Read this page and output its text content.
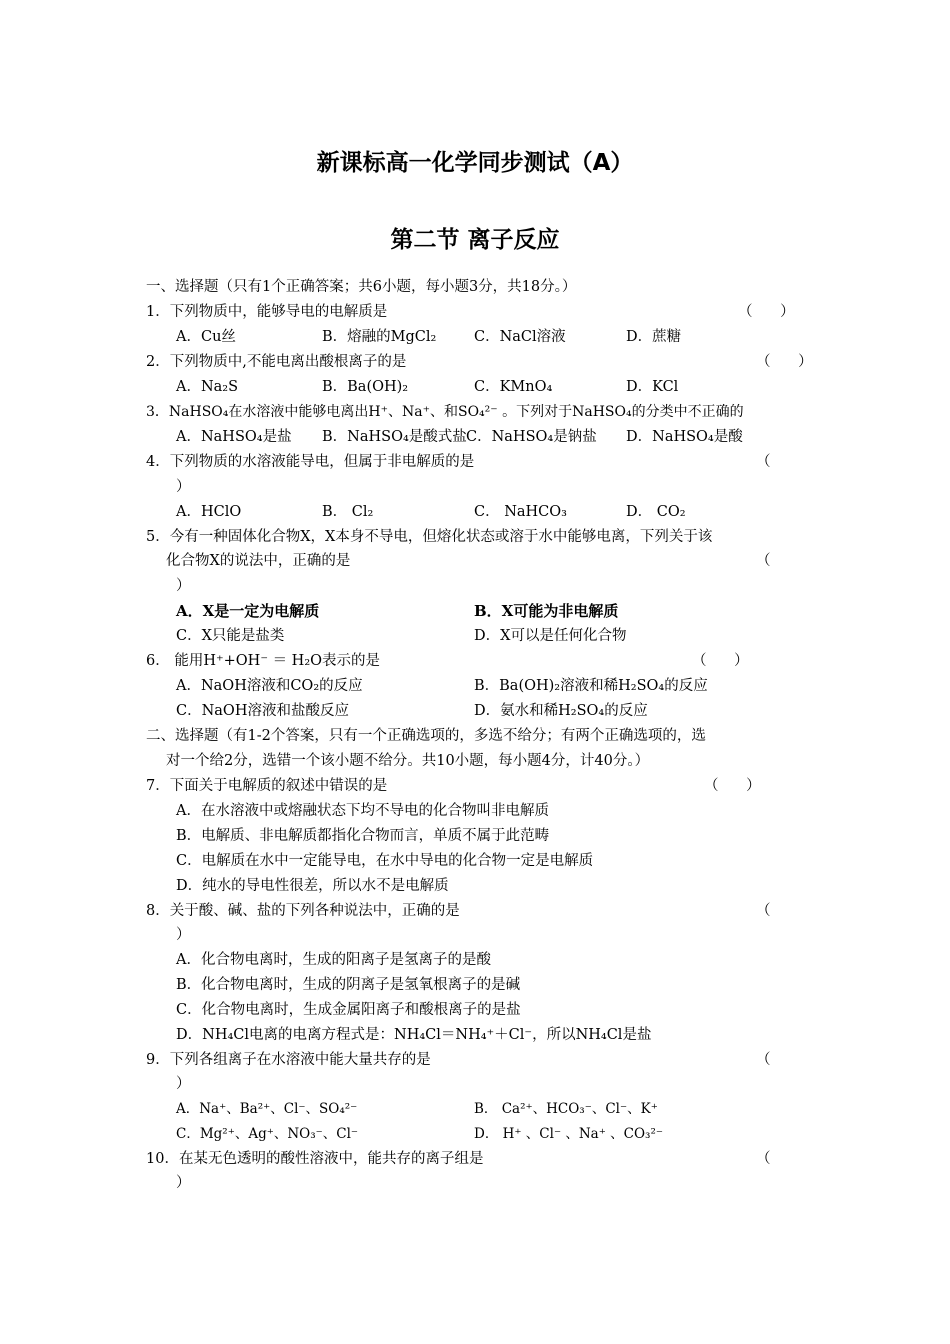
新课标高一化学同步测试（A）
第二节 离子反应
一、选择题（只有1个正确答案；共6小题，每小题3分，共18分。）
1．下列物质中，能够导电的电解质是	（      ）
A．Cu丝	B．熔融的MgCl₂	C．NaCl溶液	D．蔗糖
2．下列物质中,不能电离出酸根离子的是	（      ）
A．Na₂S	B．Ba(OH)₂	C．KMnO₄	D．KCl
3．NaHSO₄在水溶液中能够电离出H⁺、Na⁺、和SO₄²⁻ 。下列对于NaHSO₄的分类中不正确的
A．NaHSO₄是盐 B．NaHSO₄是酸式盐 C．NaHSO₄是钠盐 D．NaHSO₄是酸
4．下列物质的水溶液能导电，但属于非电解质的是	（
）
A．HClO	B． Cl₂	C． NaHCO₃	D． CO₂
5．今有一种固体化合物X，X本身不导电，但熔化状态或溶于水中能够电离，下列关于该
化合物X的说法中，正确的是	（
）
A．X是一定为电解质	B．X可能为非电解质
C．X只能是盐类	D．X可以是任何化合物
6． 能用H⁺+OH⁻ ＝ H₂O表示的是	（      ）
A．NaOH溶液和CO₂的反应	B．Ba(OH)₂溶液和稀H₂SO₄的反应
C．NaOH溶液和盐酸反应	D．氨水和稀H₂SO₄的反应
二、选择题（有1-2个答案，只有一个正确选项的，多选不给分；有两个正确选项的，选
对一个给2分，选错一个该小题不给分。共10小题，每小题4分，计40分。）
7．下面关于电解质的叙述中错误的是	（      ）
A．在水溶液中或熔融状态下均不导电的化合物叫非电解质
B．电解质、非电解质都指化合物而言，单质不属于此范畴
C．电解质在水中一定能导电，在水中导电的化合物一定是电解质
D．纯水的导电性很差，所以水不是电解质
8．关于酸、碱、盐的下列各种说法中，正确的是	（
）
A．化合物电离时，生成的阳离子是氢离子的是酸
B．化合物电离时，生成的阴离子是氢氧根离子的是碱
C．化合物电离时，生成金属阳离子和酸根离子的是盐
D．NH₄Cl电离的电离方程式是：NH₄Cl＝NH₄⁺＋Cl⁻，所以NH₄Cl是盐
9．下列各组离子在水溶液中能大量共存的是	（
）
A．Na⁺、Ba²⁺、Cl⁻、SO₄²⁻	B． Ca²⁺、HCO₃⁻、Cl⁻、K⁺
C．Mg²⁺、Ag⁺、NO₃⁻、Cl⁻	D． H⁺ 、Cl⁻ 、Na⁺ 、CO₃²⁻
10．在某无色透明的酸性溶液中，能共存的离子组是	（
）
